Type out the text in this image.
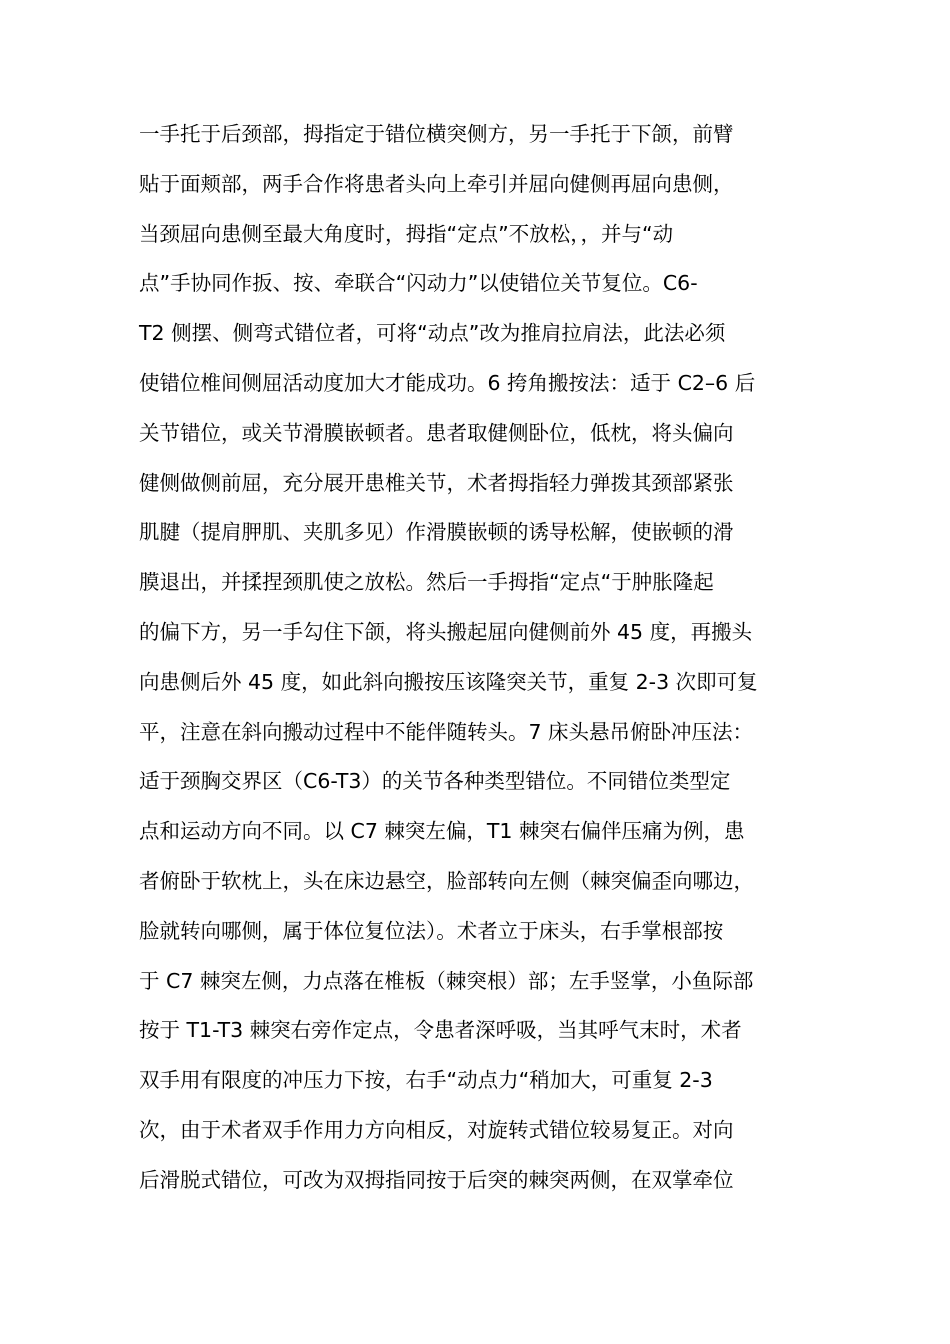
一手托于后颈部，拇指定于错位横突侧方，另一手托于下颌，前臂
贴于面颊部，两手合作将患者头向上牵引并屈向健侧再屈向患侧，
当颈屈向患侧至最大角度时，拇指“定点”不放松，，并与“动
点”手协同作扳、按、牵联合“闪动力”以使错位关节复位。C6-
T2 侧摆、侧弯式错位者，可将“动点”改为推肩拉肩法，此法必须
使错位椎间侧屈活动度加大才能成功。6 挎角搬按法：适于 C2–6 后
关节错位，或关节滑膜嵌顿者。患者取健侧卧位，低枕，将头偏向
健侧做侧前屈，充分展开患椎关节，术者拇指轻力弹拨其颈部紧张
肌腱（提肩胛肌、夹肌多见）作滑膜嵌顿的诱导松解，使嵌顿的滑
膜退出，并揉捏颈肌使之放松。然后一手拇指“定点“于肿胀隆起
的偏下方，另一手勾住下颌，将头搬起屈向健侧前外 45 度，再搬头
向患侧后外 45 度，如此斜向搬按压该隆突关节，重复 2-3 次即可复
平，注意在斜向搬动过程中不能伴随转头。7 床头悬吊俯卧冲压法：
适于颈胸交界区（C6-T3）的关节各种类型错位。不同错位类型定
点和运动方向不同。以 C7 棘突左偏，T1 棘突右偏伴压痛为例，患
者俯卧于软枕上，头在床边悬空，脸部转向左侧（棘突偏歪向哪边，
脸就转向哪侧，属于体位复位法）。术者立于床头，右手掌根部按
于 C7 棘突左侧，力点落在椎板（棘突根）部；左手竖掌，小鱼际部
按于 T1-T3 棘突右旁作定点，令患者深呼吸，当其呼气末时，术者
双手用有限度的冲压力下按，右手“动点力“稍加大，可重复 2-3
次，由于术者双手作用力方向相反，对旋转式错位较易复正。对向
后滑脱式错位，可改为双拇指同按于后突的棘突两侧，在双掌牵位
